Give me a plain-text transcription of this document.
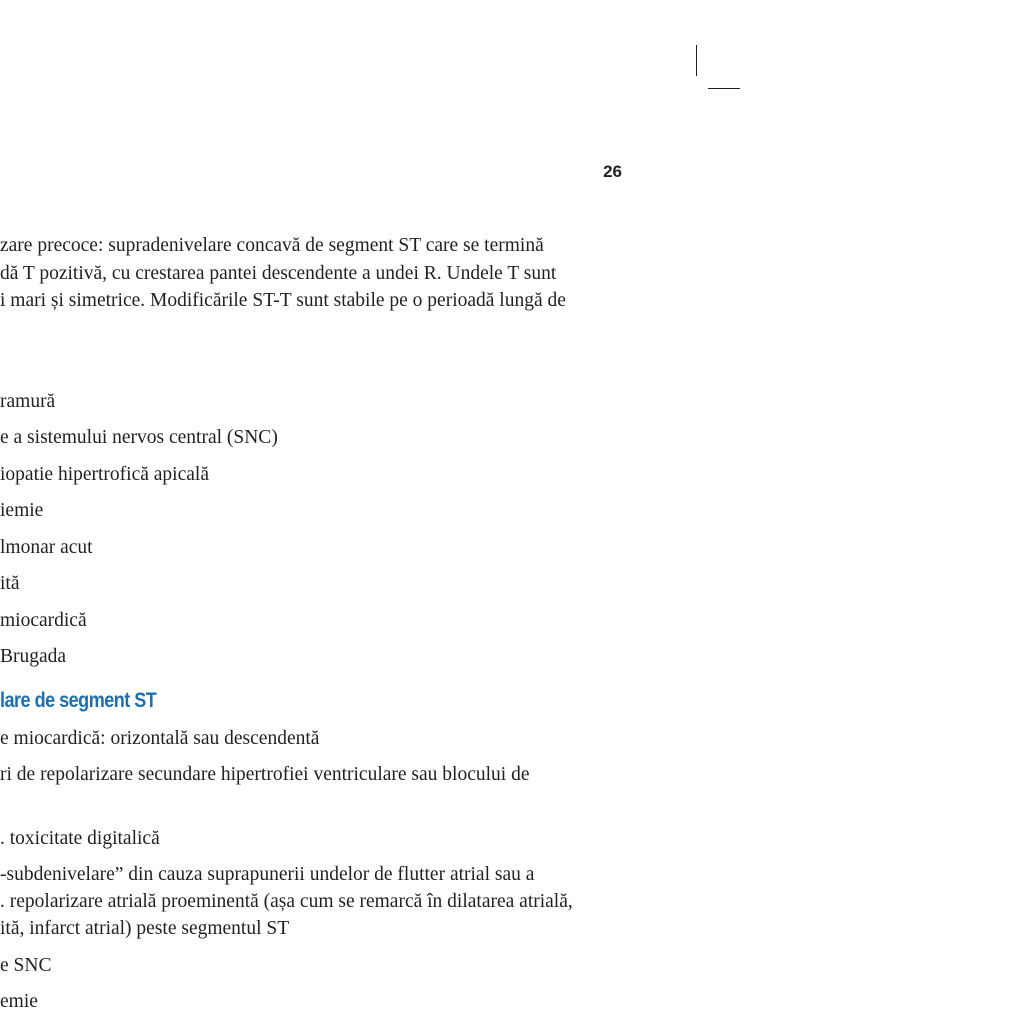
26
zare precoce: supradenivelare concavă de segment ST care se termină
dă T pozitivă, cu crestarea pantei descendente a undei R. Undele T sunt
i mari și simetrice. Modificările ST-T sunt stabile pe o perioadă lungă de
ramură
e a sistemului nervos central (SNC)
iopatie hipertrofică apicală
iemie
lmonar acut
ită
miocardică
Brugada
lare de segment ST
e miocardică: orizontală sau descendentă
ri de repolarizare secundare hipertrofiei ventriculare sau blocului de
. toxicitate digitalică
-subdenivelare” din cauza suprapunerii undelor de flutter atrial sau a
. repolarizare atrială proeminentă (așa cum se remarcă în dilatarea atrială,
ită, infarct atrial) peste segmentul ST
e SNC
emie
